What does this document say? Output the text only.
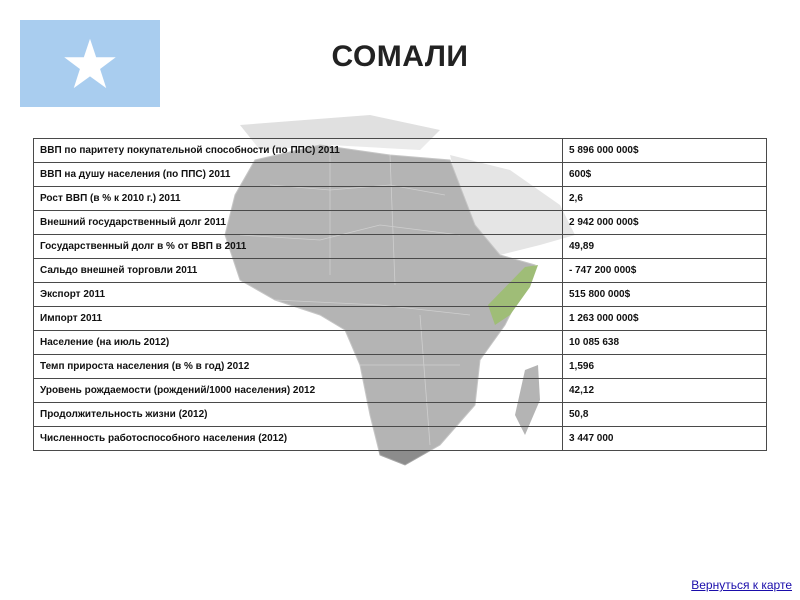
СОМАЛИ
ВВП по паритету покупательной способности (по ППС) 2011	5 896 000 000$
ВВП на душу населения (по ППС) 2011	600$
Рост ВВП (в % к 2010 г.) 2011	2,6
Внешний государственный долг 2011	2 942 000 000$
Государственный долг в % от ВВП в 2011	49,89
Сальдо внешней торговли 2011	- 747 200 000$
Экспорт 2011	515 800 000$
Импорт 2011	1 263 000 000$
Население (на июль 2012)	10 085 638
Темп прироста населения (в % в год) 2012	1,596
Уровень рождаемости (рождений/1000 населения) 2012	42,12
Продолжительность жизни (2012)	50,8
Численность работоспособного населения (2012)	3 447 000
Вернуться к карте
